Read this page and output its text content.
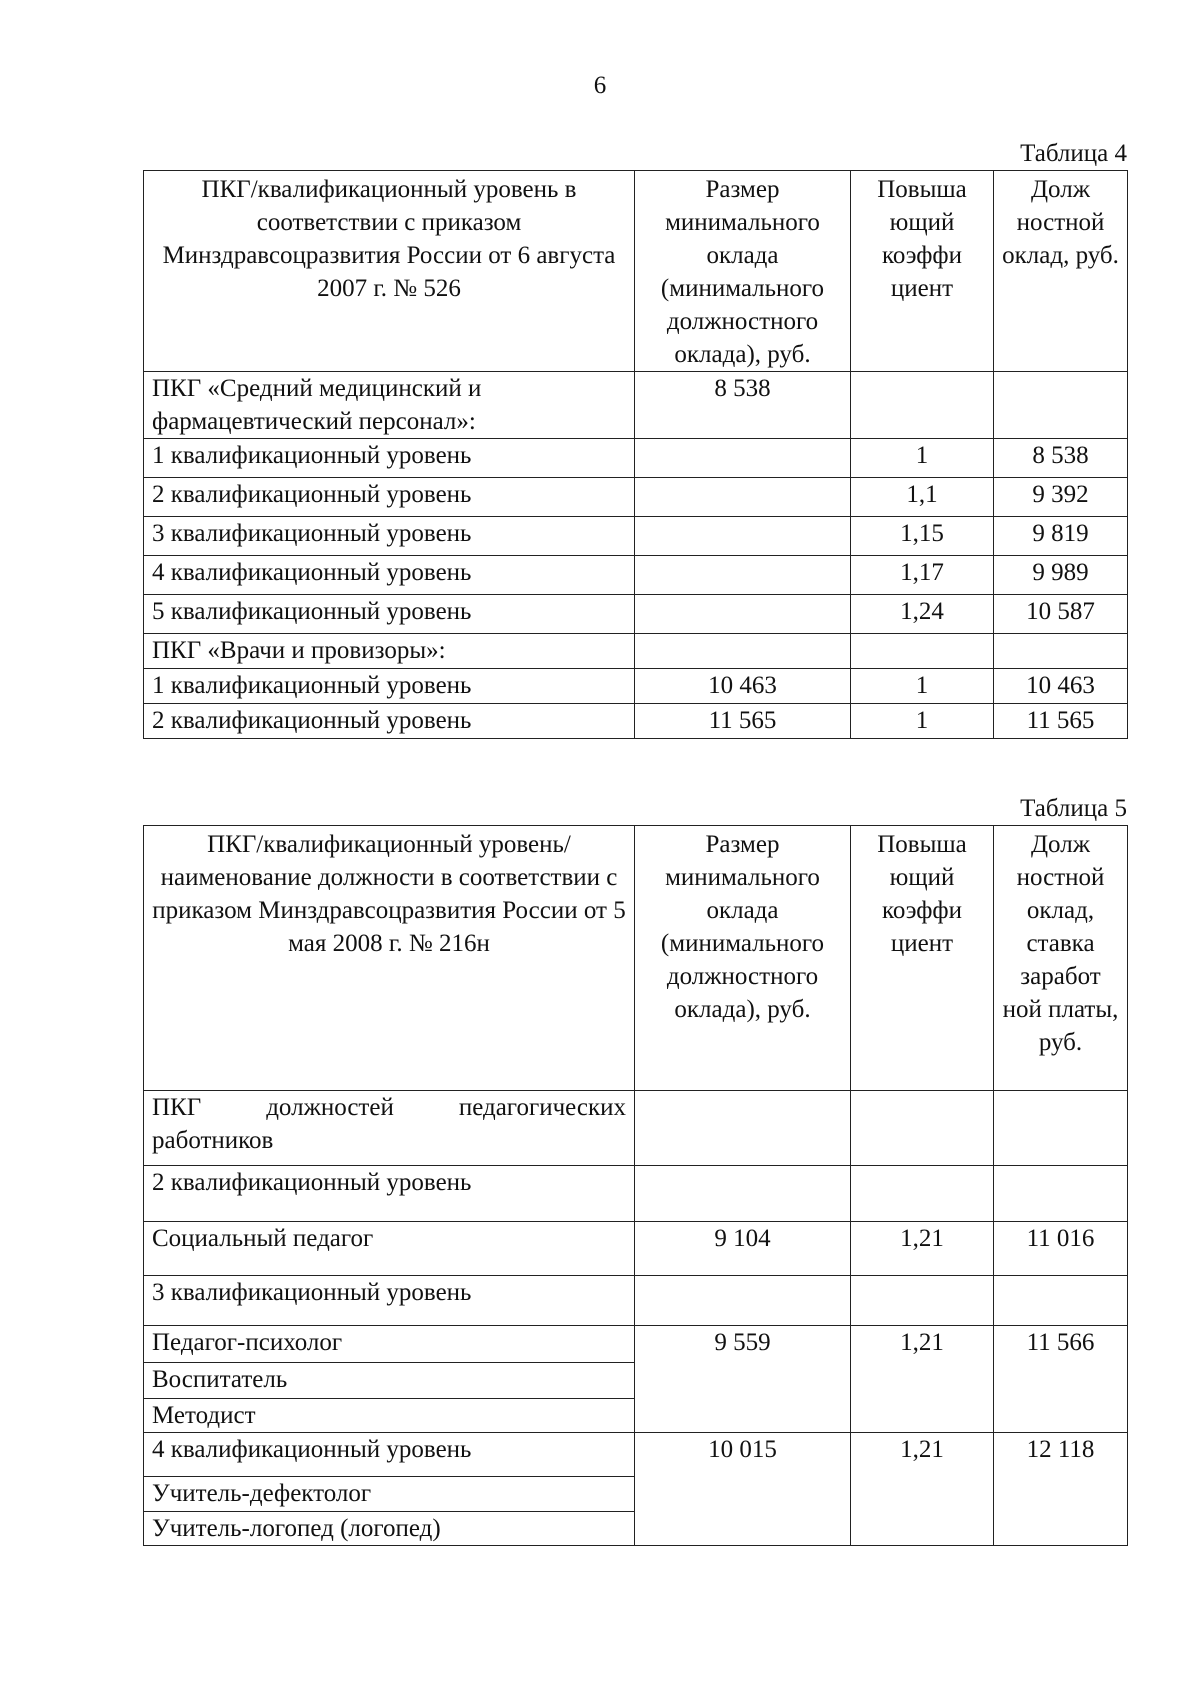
6
Таблица 4
ПКГ/квалификационный уровень в соответствии с приказом Минздравсоцразвития России от 6 августа 2007 г. № 526	Размер минимального оклада (минимального должностного оклада), руб.	Повыша ющий коэффи циент	Долж ностной оклад, руб.
ПКГ «Средний медицинский и фармацевтический персонал»:	8 538		
1 квалификационный уровень		1	8 538
2 квалификационный уровень		1,1	9 392
3 квалификационный уровень		1,15	9 819
4 квалификационный уровень		1,17	9 989
5 квалификационный уровень		1,24	10 587
ПКГ «Врачи и провизоры»:			
1 квалификационный уровень	10 463	1	10 463
2 квалификационный уровень	11 565	1	11 565
Таблица 5
ПКГ/квалификационный уровень/наименование должности в соответствии с приказом Минздравсоцразвития России от 5 мая 2008 г. № 216н	Размер минимального оклада (минимального должностного оклада), руб.	Повыша ющий коэффи циент	Долж ностной оклад, ставка заработ ной платы, руб.

ПКГ должностей педагогических
работников			
2 квалификационный уровень			
Социальный педагог	9 104	1,21	11 016
3 квалификационный уровень			
Педагог-психолог	9 559	1,21	11 566
Воспитатель			
Методист			
4 квалификационный уровень	10 015	1,21	12 118
Учитель-дефектолог			
Учитель-логопед (логопед)			
